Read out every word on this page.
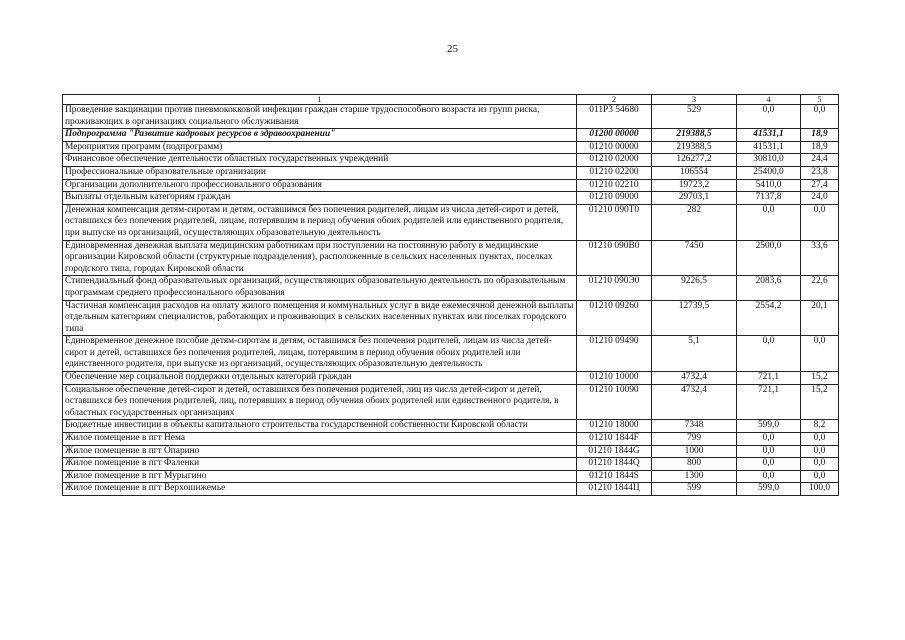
25
1	2	3	4	5
Проведение вакцинации против пневмококковой инфекции граждан старше трудоспособного возраста из групп риска, проживающих в организациях социального обслуживания	011P3 54680	529	0,0	0,0
Подпрограмма "Развитие кадровых ресурсов в здравоохранении"	01200 00000	219388,5	41531,1	18,9
Мероприятия программ (подпрограмм)	01210 00000	219388,5	41531,1	18,9
Финансовое обеспечение деятельности областных государственных учреждений	01210 02000	126277,2	30810,0	24,4
Профессиональные образовательные организации	01210 02200	106554	25400,0	23,8
Организации дополнительного профессионального образования	01210 02210	19723,2	5410,0	27,4
Выплаты отдельным категориям граждан	01210 09000	29703,1	7137,8	24,0
Денежная компенсация детям-сиротам и детям, оставшимся без попечения родителей, лицам из числа детей-сирот и детей, оставшихся без попечения родителей, лицам, потерявшим в период обучения обоих родителей или единственного родителя, при выпуске из организаций, осуществляющих образовательную деятельность	01210 090Т0	282	0,0	0,0
Единовременная денежная выплата медицинским работникам при поступлении на постоянную работу в медицинские организации Кировской области (структурные подразделения), расположенные в сельских населенных пунктах, поселках городского типа, городах Кировской области	01210 090В0	7450	2500,0	33,6
Стипендиальный фонд образовательных организаций, осуществляющих образовательную деятельность по образовательным программам среднего профессионального образования	01210 090Э0	9226,5	2083,6	22,6
Частичная компенсация расходов на оплату жилого помещения и коммунальных услуг в виде ежемесячной денежной выплаты отдельным категориям специалистов, работающих и проживающих в сельских населенных пунктах или поселках городского типа	01210 09260	12739,5	2554,2	20,1
Единовременное денежное пособие детям-сиротам и детям, оставшимся без попечения родителей, лицам из числа детей-сирот и детей, оставшихся без попечения родителей, лицам, потерявшим в период обучения обоих родителей или единственного родителя, при выпуске из организаций, осуществляющих образовательную деятельность	01210 09490	5,1	0,0	0,0
Обеспечение мер социальной поддержки отдельных категорий граждан	01210 10000	4732,4	721,1	15,2
Социальное обеспечение детей-сирот и детей, оставшихся без попечения родителей, лиц из числа детей-сирот и детей, оставшихся без попечения родителей, лиц, потерявших в период обучения обоих родителей или единственного родителя, в областных государственных организациях	01210 10090	4732,4	721,1	15,2
Бюджетные инвестиции в объекты капитального строительства государственной собственности Кировской области	01210 18000	7348	599,0	8,2
Жилое помещение в пгт Нема	01210 1844F	799	0,0	0,0
Жилое помещение в пгт Опарино	01210 1844G	1000	0,0	0,0
Жилое помещение в пгт Фаленки	01210 1844Q	800	0,0	0,0
Жилое помещение в пгт Мурыгино	01210 1844S	1300	0,0	0,0
Жилое помещение в пгт Верхошижемье	01210 1844Ц	599	599,0	100,0
